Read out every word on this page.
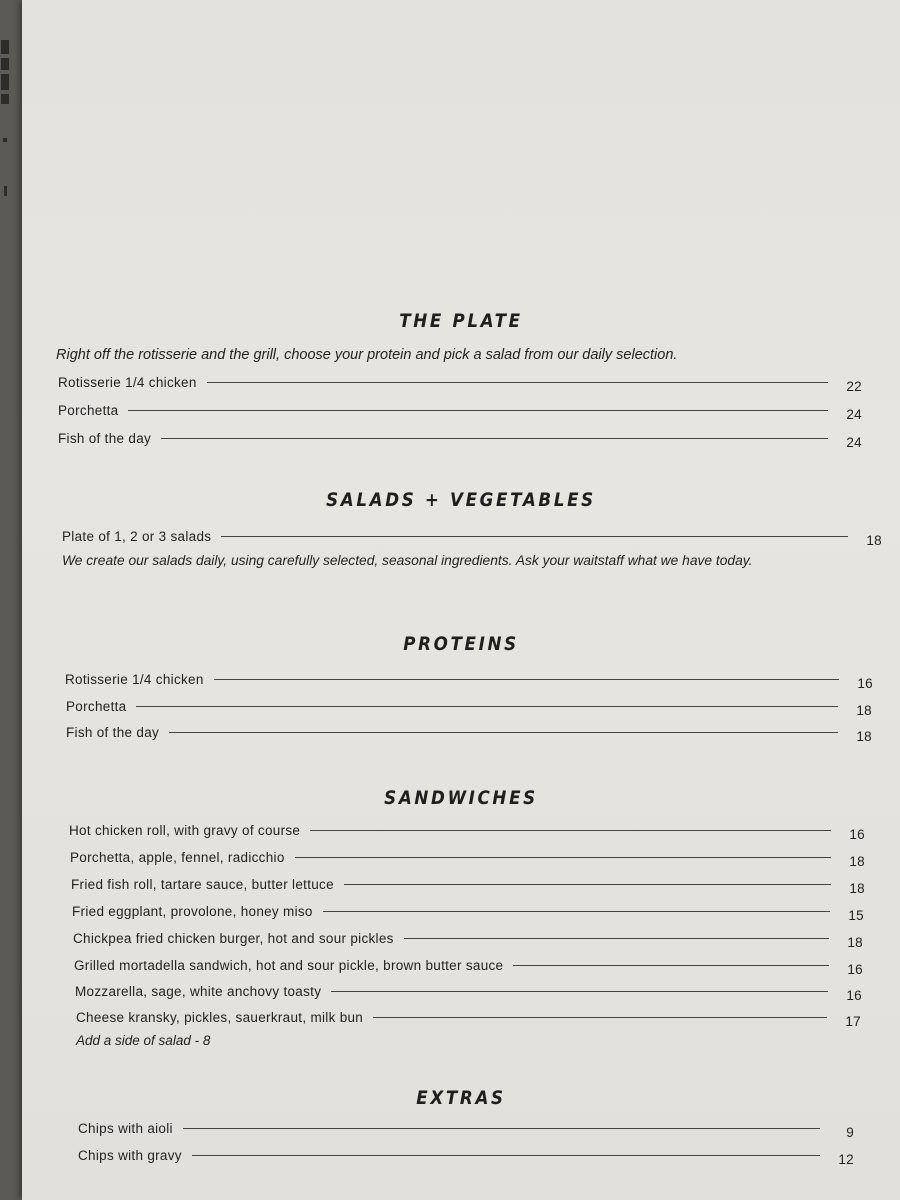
THE PLATE
Right off the rotisserie and the grill, choose your protein and pick a salad from our daily selection.
Rotisserie 1/4 chicken	22
Porchetta	24
Fish of the day	24
SALADS + VEGETABLES
Plate of 1, 2 or 3 salads	18
We create our salads daily, using carefully selected, seasonal ingredients. Ask your waitstaff what we have today.
PROTEINS
Rotisserie 1/4 chicken	16
Porchetta	18
Fish of the day	18
SANDWICHES
Hot chicken roll, with gravy of course	16
Porchetta, apple, fennel, radicchio	18
Fried fish roll, tartare sauce, butter lettuce	18
Fried eggplant, provolone, honey miso	15
Chickpea fried chicken burger, hot and sour pickles	18
Grilled mortadella sandwich, hot and sour pickle, brown butter sauce	16
Mozzarella, sage, white anchovy toasty	16
Cheese kransky, pickles, sauerkraut, milk bun	17
Add a side of salad - 8
EXTRAS
Chips with aioli	9
Chips with gravy	12
